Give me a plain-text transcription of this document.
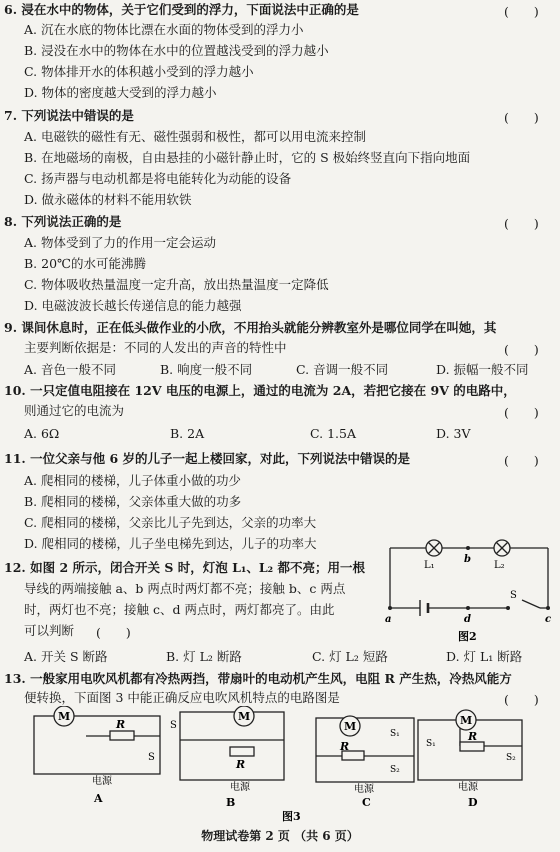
6. 浸在水中的物体，关于它们受到的浮力，下面说法中正确的是	(　　)
A. 沉在水底的物体比漂在水面的物体受到的浮力小
B. 浸没在水中的物体在水中的位置越浅受到的浮力越小
C. 物体排开水的体积越小受到的浮力越小
D. 物体的密度越大受到的浮力越小
7. 下列说法中错误的是	(　　)
A. 电磁铁的磁性有无、磁性强弱和极性，都可以用电流来控制
B. 在地磁场的南极，自由悬挂的小磁针静止时，它的 S 极始终竖直向下指向地面
C. 扬声器与电动机都是将电能转化为动能的设备
D. 做永磁体的材料不能用软铁
8. 下列说法正确的是	(　　)
A. 物体受到了力的作用一定会运动
B. 20℃的水可能沸腾
C. 物体吸收热量温度一定升高，放出热量温度一定降低
D. 电磁波波长越长传递信息的能力越强
9. 课间休息时，正在低头做作业的小欣，不用抬头就能分辨教室外是哪位同学在叫她，其
主要判断依据是：不同的人发出的声音的特性中	(　　)
A. 音色一般不同	B. 响度一般不同	C. 音调一般不同	D. 振幅一般不同
10. 一只定值电阻接在 12V 电压的电源上，通过的电流为 2A，若把它接在 9V 的电路中，
则通过它的电流为	(　　)
A. 6Ω	B. 2A	C. 1.5A	D. 3V
11. 一位父亲与他 6 岁的儿子一起上楼回家，对此，下列说法中错误的是	(　　)
A. 爬相同的楼梯，儿子体重小做的功少
B. 爬相同的楼梯，父亲体重大做的功多
C. 爬相同的楼梯，父亲比儿子先到达，父亲的功率大
D. 爬相同的楼梯，儿子坐电梯先到达，儿子的功率大
12. 如图 2 所示，闭合开关 S 时，灯泡 L₁、L₂ 都不亮；用一根
导线的两端接触 a、b 两点时两灯都不亮；接触 b、c 两点
时，两灯也不亮；接触 c、d 两点时，两灯都亮了。由此
可以判断 (　　)
A. 开关 S 断路	B. 灯 L₂ 断路	C. 灯 L₂ 短路	D. 灯 L₁ 断路
L₁	L₂
b
a	d	c
S
图2
13. 一般家用电吹风机都有冷热两挡，带扇叶的电动机产生风，电阻 R 产生热，冷热风能方
便转换，下面图 3 中能正确反应电吹风机特点的电路图是	(　　)
M	M
M	M
R
R
R
R
S
S
S₁
S₂
S₁
S₂
电源
电源	电源	电源
A	B	C	D
图3
物理试卷第 2 页 （共 6 页）
